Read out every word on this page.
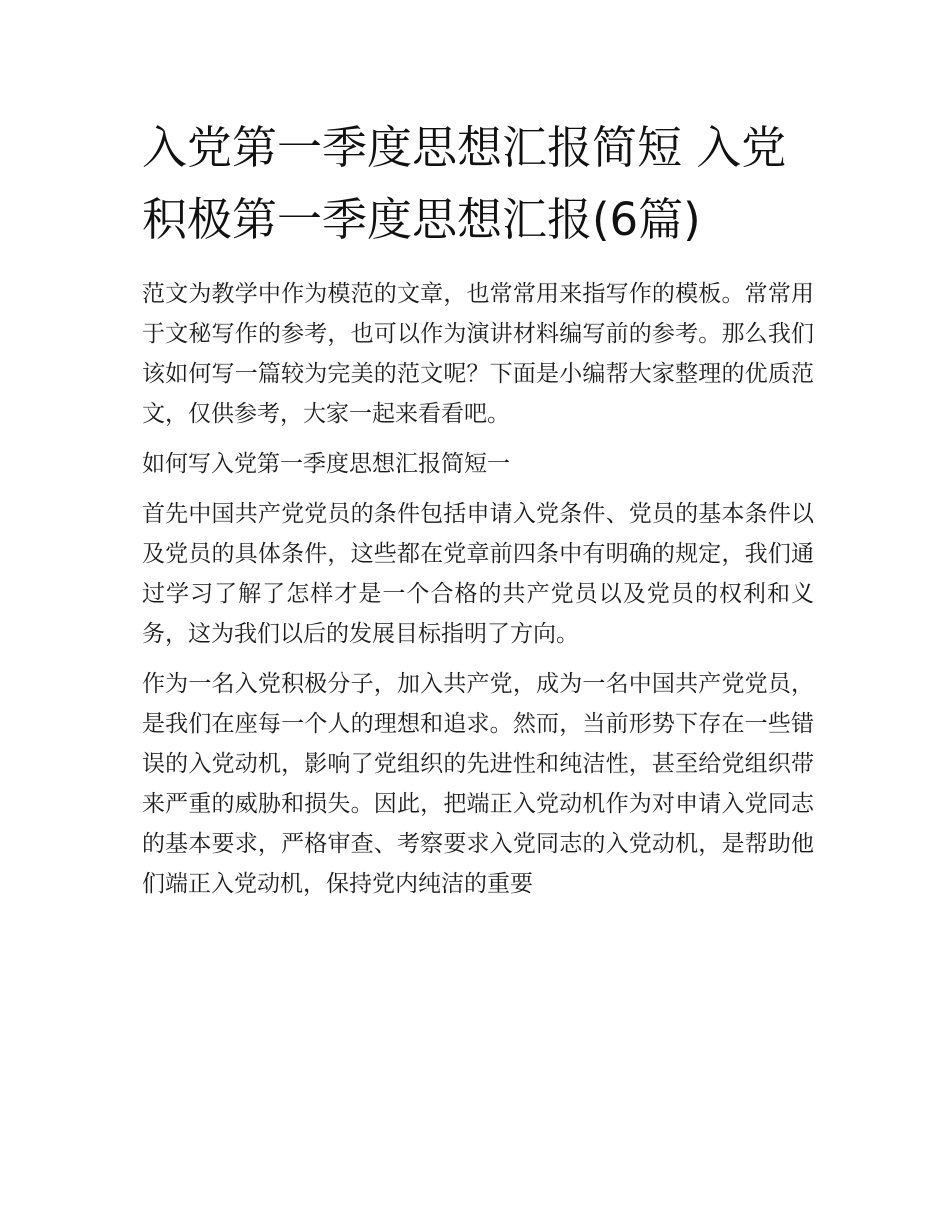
入党第一季度思想汇报简短 入党积极第一季度思想汇报(6篇)

范文为教学中作为模范的文章，也常常用来指写作的模板。常常用于文秘写作的参考，也可以作为演讲材料编写前的参考。那么我们该如何写一篇较为完美的范文呢？下面是小编帮大家整理的优质范文，仅供参考，大家一起来看看吧。

如何写入党第一季度思想汇报简短一

首先中国共产党党员的条件包括申请入党条件、党员的基本条件以及党员的具体条件，这些都在党章前四条中有明确的规定，我们通过学习了解了怎样才是一个合格的共产党员以及党员的权利和义务，这为我们以后的发展目标指明了方向。

作为一名入党积极分子，加入共产党，成为一名中国共产党党员，是我们在座每一个人的理想和追求。然而，当前形势下存在一些错误的入党动机，影响了党组织的先进性和纯洁性，甚至给党组织带来严重的威胁和损失。因此，把端正入党动机作为对申请入党同志的基本要求，严格审查、考察要求入党同志的入党动机，是帮助他们端正入党动机，保持党内纯洁的重要
